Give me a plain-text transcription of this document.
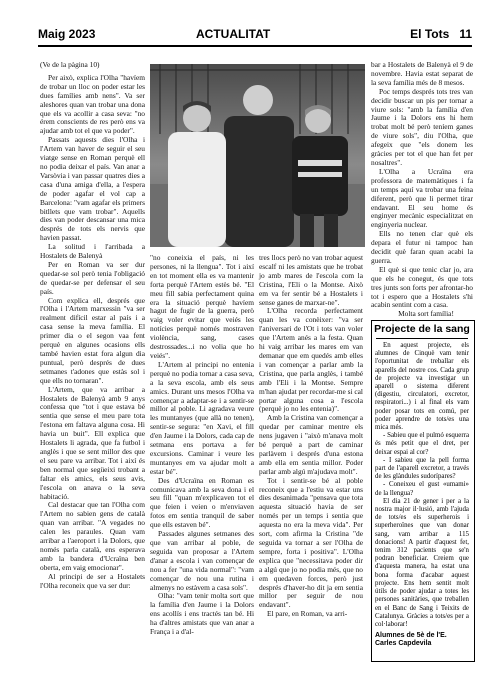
Maig 2023	ACTUALITAT	El Tots 11

(Ve de la pàgina 10)

Per això, explica l'Olha "havíem de trobar un lloc on poder estar les dues famílies amb nens". Va ser aleshores quan van trobar una dona que els va acollir a casa seva: "no érem conscients de res però ens va ajudar amb tot el que va poder".

Passats aquests dies l'Olha i l'Artem van haver de seguir el seu viatge sense en Roman perquè ell no podia deixar el país. Van anar a Varsòvia i van passar quatres dies a casa d'una amiga d'ella, a l'espera de poder agafar el vol cap a Barcelona: "vam agafar els primers bitllets que vam trobar". Aquells dies van poder descansar una mica després de tots els nervis que havien passat.

La solitud i l'arribada a Hostalets de Balenyà

Per en Roman va ser dur quedar-se sol però tenia l'obligació de quedar-se per defensar el seu país.

Com explica ell, després que l'Olha i l'Artem marxessin "va ser realment difícil estar al país i a casa sense la meva família. El primer dia o el segon vaa fent perquè en algunes ocasions ells també havien estat fora algun dia puntual, però després de dues setmanes t'adones que estàs sol i que ells no tornaran".

L'Artem, que va arribar a Hostalets de Balenyà amb 9 anys confessa que "tot i que estava bé sentia que sense el meu pare tota l'estona em faltava alguna cosa. Hi havia un buit". Ell explica que Hostalets li agrada, que fa futbol i anglès i que se sent millor des que el seu pare va arribar. Tot i així és ben normal que següeixi trobant a faltar els amics, els seus avis, l'escola on anava o la seva habitació.

Cal destacar que tan l'Olha com l'Artem no sabien gens de català quan van arribar. "A vegades no calen les paraules. Quan vam arribar a l'aeroport i la Dolors, que només parla català, ens esperava amb la bandera d'Ucraïna ben oberta, em vaig emocionar".

Al principi de ser a Hostalets l'Olha reconeix que va ser dur:

"no coneixia el país, ni les persones, ni la llengua". Tot i així en tot moment ella es va mantenir forta perquè l'Artem estès bé. "El meu fill sabia perfectament quina era la situació perquè havíem hagut de fugir de la guerra, però vaig voler evitar que veiés les notícies perquè només mostraven violència, sang, cases destrossades...i no volia que ho veiés".

L'Artem al principi no entenia perquè no podia tornar a casa seva, a la seva escola, amb els seus amics. Durant uns mesos l'Olha va començar a adaptar-se i a sentir-se millor al poble. Li agradava veure les muntanyes (que allà no tenen), sentir-se segura: "en Xavi, el fill d'en Jaume i la Dolors, cada cap de setmana ens portava a fer excursions. Caminar i veure les muntanyes em va ajudar molt a estar bé".

Des d'Ucraïna en Roman es comunicava amb la seva dona i el seu fill "quan m'explicaven tot el que feien i veien o m'enviaven fotos em sentia tranquil de saber que ells estaven bé".

Passades algunes setmanes des que van arribar al poble, de seguida van proposar a l'Artem d'anar a escola i van començar de nou a fer "una vida normal": "vam començar de nou una rutina i almenys no estàvem a casa sols".

Olha: "vam tenir molta sort que la família d'en Jaume i la Dolors ens acollís i ens tractés tan bé. Hi ha d'altres amistats que van anar a França i a d'al-

tres llocs però no van trobar aquest escalf ni les amistats que he trobat jo amb mares de l'escola com la Cristina, l'Eli o la Montse. Això em va fer sentir bé a Hostalets i sense ganes de marxar-ne".

L'Olha recorda perfectament quan les va conèixer: "va ser l'aniversari de l'Ot i tots van voler que l'Artem anés a la festa. Quan hi vaig arribar les mares em van demanar que em quedés amb elles i van començar a parlar amb la Cristina, que parla anglès, i també amb l'Eli i la Montse. Sempre m'han ajudat per recordar-me si cal portar alguna cosa a l'escola (perquè jo no les entenia)".

Amb la Cristina van començar a quedar per caminar mentre els nens jugaven i "això m'anava molt bé perquè a part de caminar parlàvem i després d'una estona amb ella em sentia millor. Poder parlar amb algú m'ajudava molt".

Tot i sentir-se bé al poble reconeix que a l'estiu va estar uns dies desanimada "pensava que tota aquesta situació havia de ser només per un temps i sentia que aquesta no era la meva vida". Per sort, com afirma la Cristina "de seguida va tornar a ser l'Olha de sempre, forta i positiva". L'Olha explica que "necessitava poder dir a algú que jo no podia més, que no em quedaven forces, però just després d'haver-ho dit ja em sentia millor per seguir de nou endavant".

El pare, en Roman, va arri-

bar a Hostalets de Balenyà el 9 de novembre. Havia estat separat de la seva família més de 8 mesos.

Poc temps després tots tres van decidir buscar un pis per tornar a viure sols: "amb la família d'en Jaume i la Dolors ens hi hem trobat molt bé però teníem ganes de viure sols", diu l'Olha, que afegeix que "els donem les gràcies per tot el que han fet per nosaltres".

L'Olha a Ucraïna era professora de matemàtiques i fa un temps aquí va trobar una feina diferent, però que li permet tirar endavant. El seu home és enginyer mecànic especialitzat en enginyeria nuclear.

Ells no tenen clar què els depara el futur ni tampoc han decidit què faran quan acabi la guerra.

El què si que tenic clar jo, ara que els he conegut, és que tots tres junts son forts per afrontar-ho tot i espero que a Hostalets s'hi acabin sentint com a casa.

Molta sort família!

Projecte de la sang

En aquest projecte, els alumnes de Cinquè vam tenir l'oportunitat de treballar els aparells del nostre cos. Cada grup de projecte va investigar un aparell o sistema diferent (digestiu, circulatori, excretor, respiratori...) i al final els vam poder posar tots en comú, per poder aprendre de tots/es una mica més.

- Sabieu que el pulmó esquerra és més petit que el dret, per deixar espai al cor?

- I sabieu que la pell forma part de l'aparell excretor, a través de les glàndules sudorípares?

- Coneixeu el gust «umami» de la llengua?

El dia 21 de gener i per a la nostra major il·lusió, amb l'ajuda de tots/es els superherois i superheroïnes que van donar sang, vam arribar a 115 donacions! A partir d'aquest fet, tenim 312 pacients que se'n podran beneficiar. Creiem que d'aquesta manera, ha estat una bona forma d'acabar aquest projecte. Ens hem sentit molt útils de poder ajudar a totes les persones sanitàries, que treballen en el Banc de Sang i Teixits de Catalunya. Gràcies a tots/es per a col·laborar!

Alumnes de 5è de l'E. Carles Capdevila
